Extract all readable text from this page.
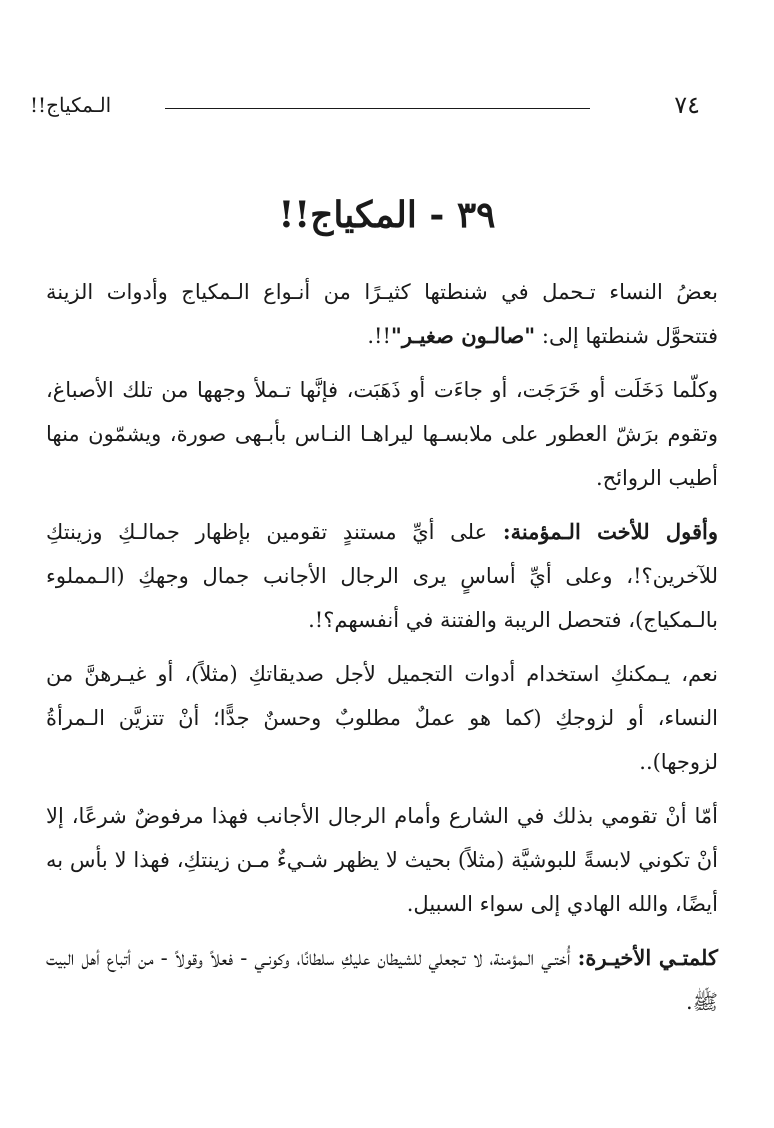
٧٤
الـمكياج!!
٣٩ - المكياج!!

بعضُ النساء تـحمل في شنطتها كثيـرًا من أنـواع الـمكياج وأدوات الزينة فتتحوَّل شنطتها إلى: "صالـون صغيـر"!!.

وكلّما دَخَلَت أو خَرَجَت، أو جاءَت أو ذَهَبَت، فإنَّها تـملأ وجهها من تلك الأصباغ، وتقوم برَشّ العطور على ملابسـها ليراهـا النـاس بأبـهى صورة، ويشمّون منها أطيب الروائح.

وأقول للأخت الـمؤمنة: على أيِّ مستندٍ تقومين بإظهار جمالـكِ وزينتكِ للآخرين؟!، وعلى أيِّ أساسٍ يرى الرجال الأجانب جمال وجهكِ (الـمملوء بالـمكياج)، فتحصل الريبة والفتنة في أنفسهم؟!.

نعم، يـمكنكِ استخدام أدوات التجميل لأجل صديقاتكِ (مثلاً)، أو غيـرهنَّ من النساء، أو لزوجكِ (كما هو عملٌ مطلوبٌ وحسنٌ جدًّا؛ أنْ تتزيَّن الـمرأةُ لزوجها)..

أمّا أنْ تقومي بذلك في الشارع وأمام الرجال الأجانب فهذا مرفوضٌ شرعًا، إلا أنْ تكوني لابسةً للبوشيَّة (مثلاً) بحيث لا يظهر شـيءٌ مـن زينتكِ، فهذا لا بأس به أيضًا، والله الهادي إلى سواء السبيل.

كلمتـي الأخيـرة: أُختـي الـمؤمنة، لا تـجعلي للشيطان عليكِ سلطانًا، وكونـي - فعلاً وقولاً - من أتباع أهل البيت ﷺ.
